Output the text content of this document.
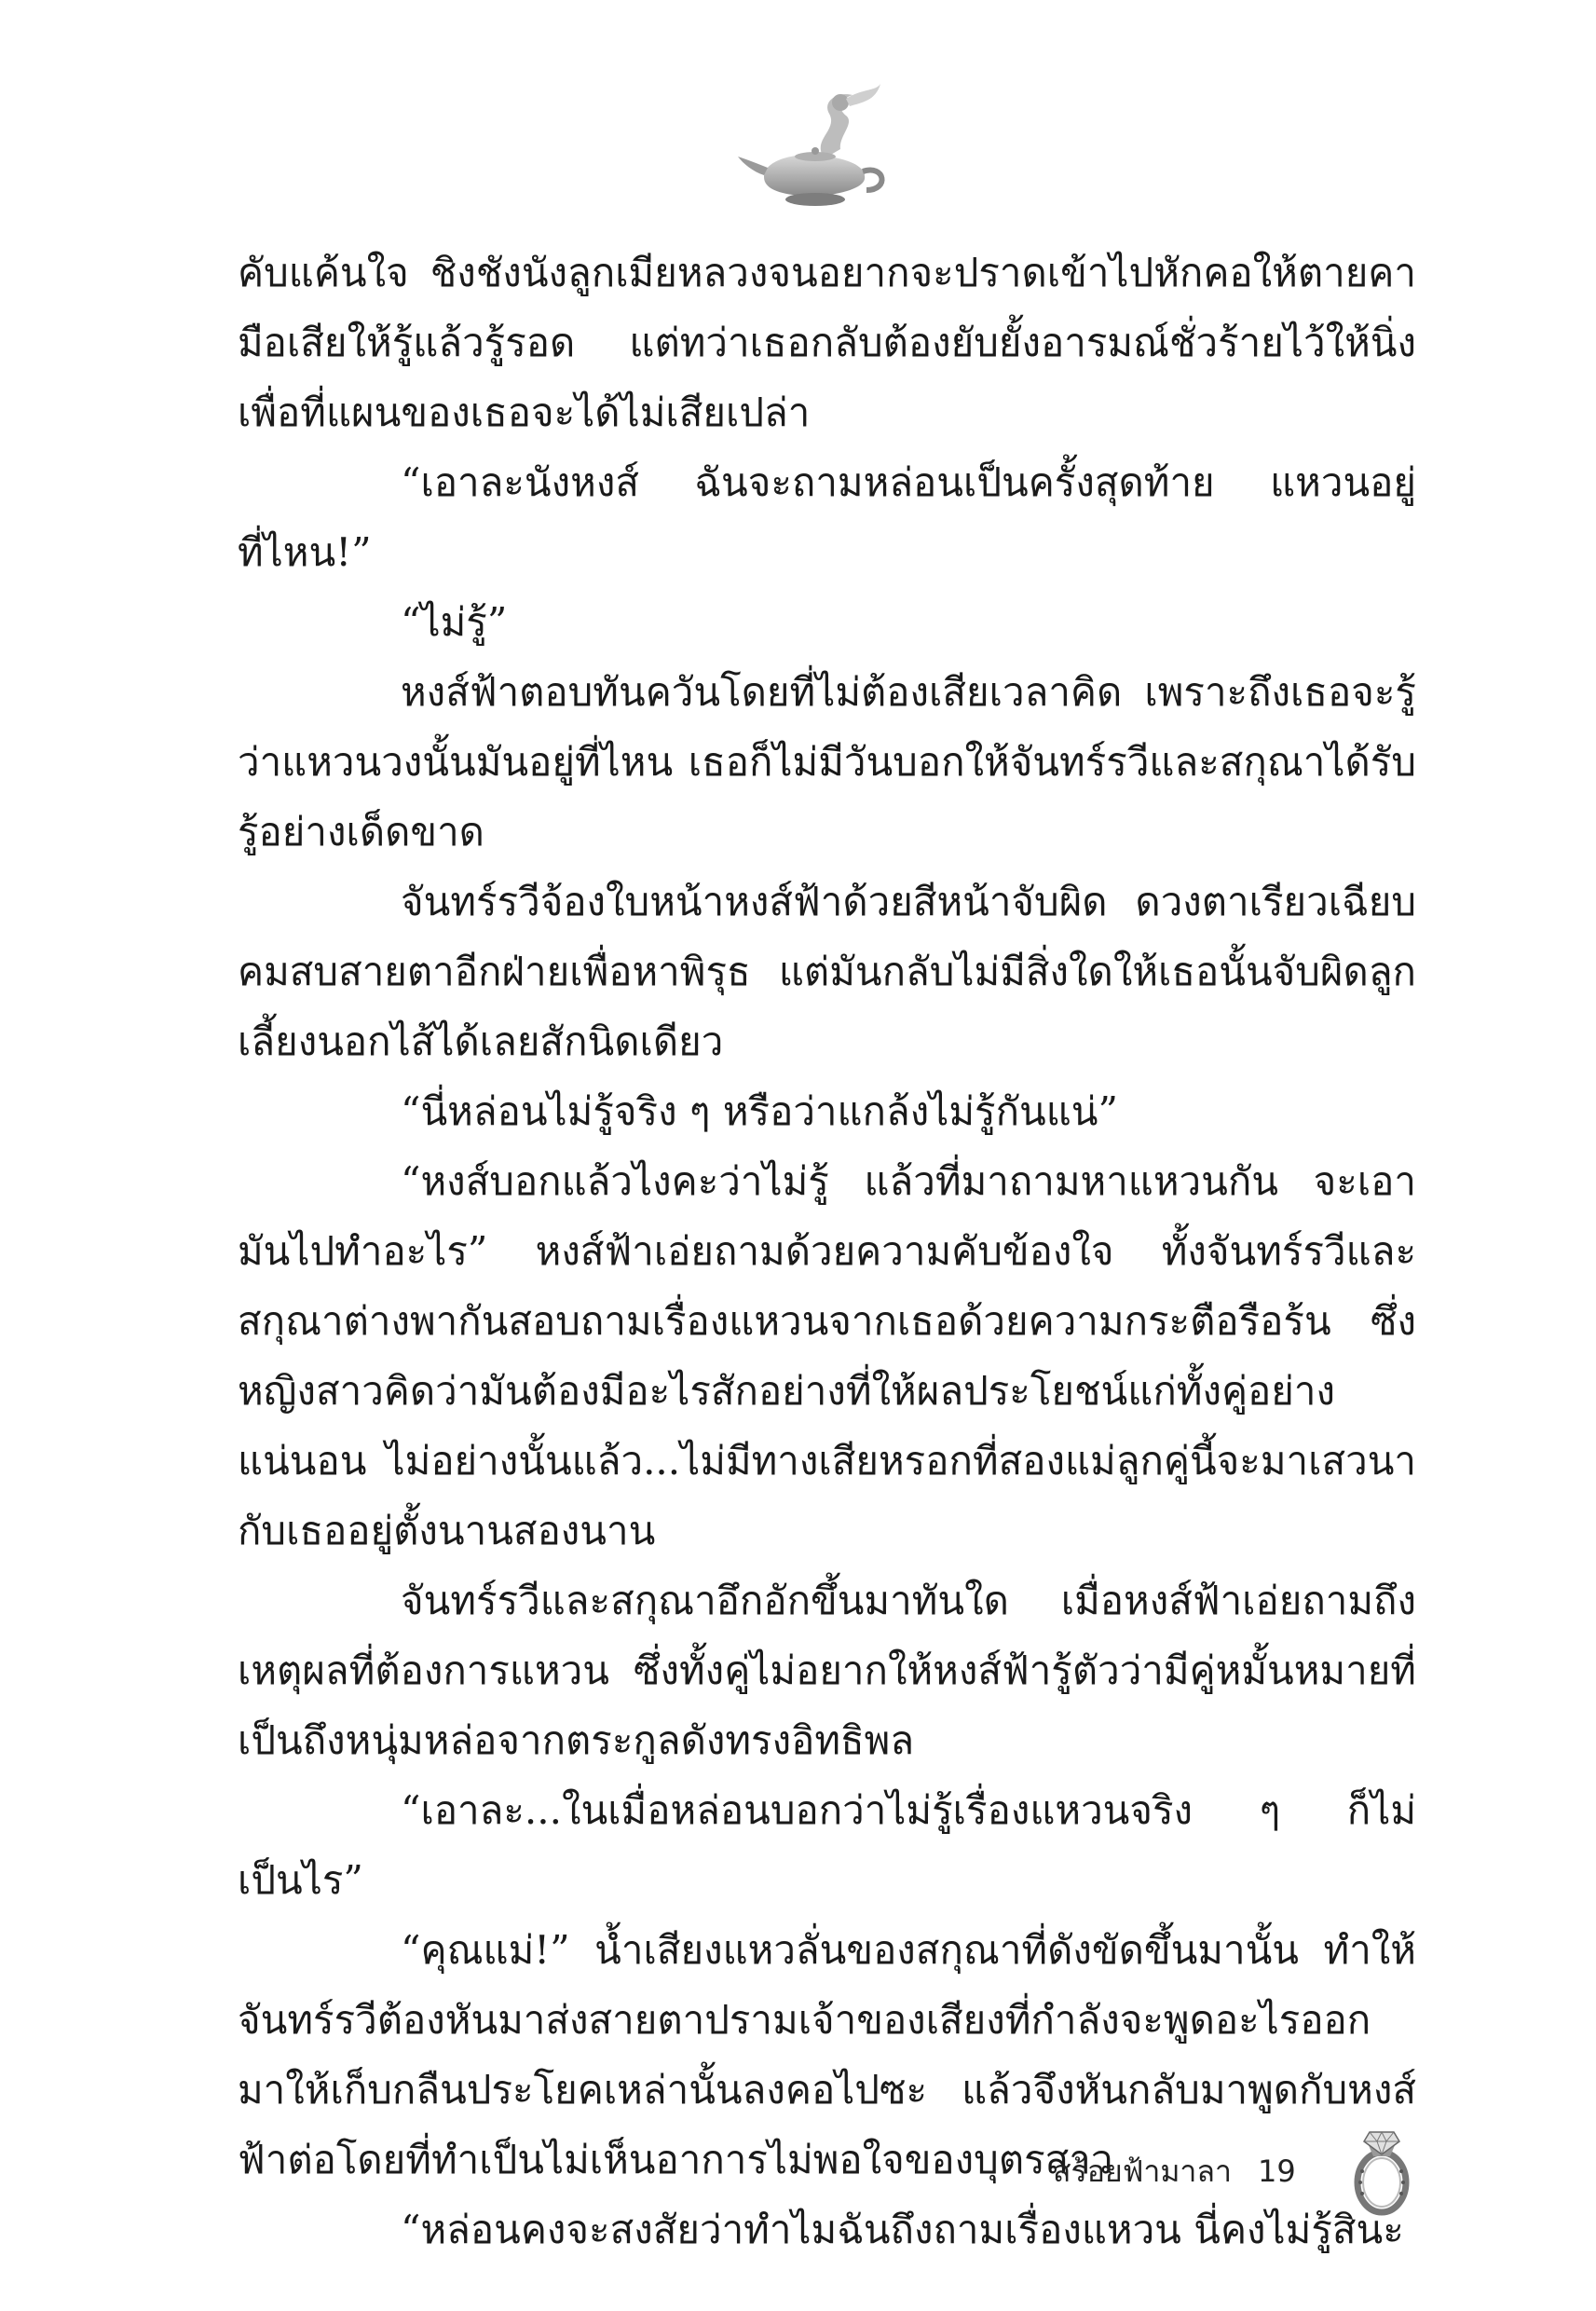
คับแค้นใจ ชิงชังนังลูกเมียหลวงจนอยากจะปราดเข้าไปหักคอให้ตายคามือเสียให้รู้แล้วรู้รอด แต่ทว่าเธอกลับต้องยับยั้งอารมณ์ชั่วร้ายไว้ให้นิ่ง เพื่อที่แผนของเธอจะได้ไม่เสียเปล่า

“เอาละนังหงส์ ฉันจะถามหล่อนเป็นครั้งสุดท้าย แหวนอยู่ที่ไหน!”

“ไม่รู้”

หงส์ฟ้าตอบทันควันโดยที่ไม่ต้องเสียเวลาคิด เพราะถึงเธอจะรู้ว่าแหวนวงนั้นมันอยู่ที่ไหน เธอก็ไม่มีวันบอกให้จันทร์รวีและสกุณาได้รับรู้อย่างเด็ดขาด

จันทร์รวีจ้องใบหน้าหงส์ฟ้าด้วยสีหน้าจับผิด ดวงตาเรียวเฉียบคมสบสายตาอีกฝ่ายเพื่อหาพิรุธ แต่มันกลับไม่มีสิ่งใดให้เธอนั้นจับผิดลูกเลี้ยงนอกไส้ได้เลยสักนิดเดียว

“นี่หล่อนไม่รู้จริง ๆ หรือว่าแกล้งไม่รู้กันแน่”

“หงส์บอกแล้วไงคะว่าไม่รู้ แล้วที่มาถามหาแหวนกัน จะเอามันไปทำอะไร” หงส์ฟ้าเอ่ยถามด้วยความคับข้องใจ ทั้งจันทร์รวีและสกุณาต่างพากันสอบถามเรื่องแหวนจากเธอด้วยความกระตือรือร้น ซึ่งหญิงสาวคิดว่ามันต้องมีอะไรสักอย่างที่ให้ผลประโยชน์แก่ทั้งคู่อย่างแน่นอน ไม่อย่างนั้นแล้ว...ไม่มีทางเสียหรอกที่สองแม่ลูกคู่นี้จะมาเสวนากับเธออยู่ตั้งนานสองนาน

จันทร์รวีและสกุณาอึกอักขึ้นมาทันใด เมื่อหงส์ฟ้าเอ่ยถามถึงเหตุผลที่ต้องการแหวน ซึ่งทั้งคู่ไม่อยากให้หงส์ฟ้ารู้ตัวว่ามีคู่หมั้นหมายที่เป็นถึงหนุ่มหล่อจากตระกูลดังทรงอิทธิพล

“เอาละ...ในเมื่อหล่อนบอกว่าไม่รู้เรื่องแหวนจริง ๆ ก็ไม่เป็นไร”

“คุณแม่!” น้ำเสียงแหวลั่นของสกุณาที่ดังขัดขึ้นมานั้น ทำให้จันทร์รวีต้องหันมาส่งสายตาปรามเจ้าของเสียงที่กำลังจะพูดอะไรออกมาให้เก็บกลืนประโยคเหล่านั้นลงคอไปซะ แล้วจึงหันกลับมาพูดกับหงส์ฟ้าต่อโดยที่ทำเป็นไม่เห็นอาการไม่พอใจของบุตรสาว

“หล่อนคงจะสงสัยว่าทำไมฉันถึงถามเรื่องแหวน นี่คงไม่รู้สินะ

สร้อยฟ้ามาลา 19
